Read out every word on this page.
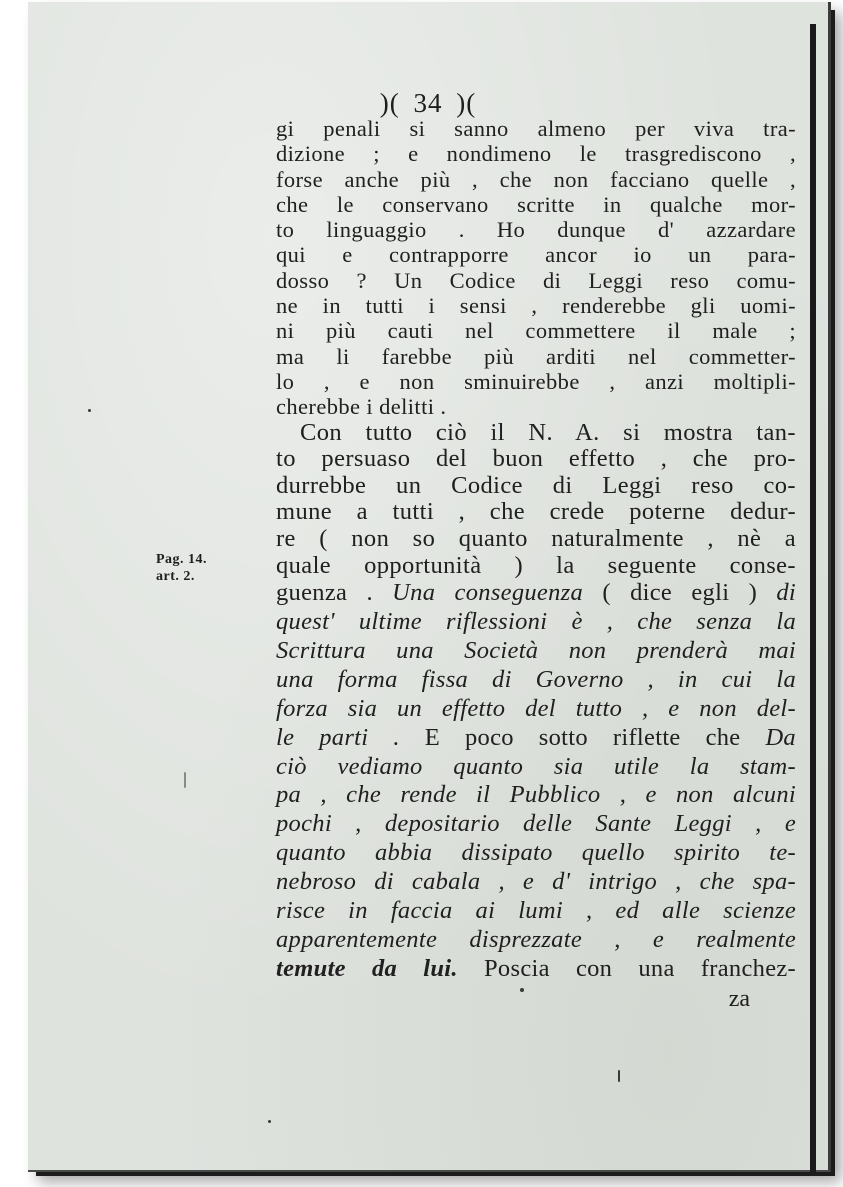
)( 34 )(
Pag. 14.
art. 2.
gi penali si sanno almeno per viva tra-
dizione ; e nondimeno le trasgrediscono ,
forse anche più , che non facciano quelle ,
che le conservano scritte in qualche mor-
to linguaggio . Ho dunque d' azzardare
qui e contrapporre ancor io un para-
dosso ? Un Codice di Leggi reso comu-
ne in tutti i sensi , renderebbe gli uomi-
ni più cauti nel commettere il male ;
ma li farebbe più arditi nel commetter-
lo , e non sminuirebbe , anzi moltipli-
cherebbe i delitti .
Con tutto ciò il N. A. si mostra tan-
to persuaso del buon effetto , che pro-
durrebbe un Codice di Leggi reso co-
mune a tutti , che crede poterne dedur-
re ( non so quanto naturalmente , nè a
quale opportunità ) la seguente conse-
guenza . Una conseguenza ( dice egli ) di
quest' ultime riflessioni è , che senza la
Scrittura una Società non prenderà mai
una forma fissa di Governo , in cui la
forza sia un effetto del tutto , e non del-
le parti . E poco sotto riflette che Da
ciò vediamo quanto sia utile la stam-
pa , che rende il Pubblico , e non alcuni
pochi , depositario delle Sante Leggi , e
quanto abbia dissipato quello spirito te-
nebroso di cabala , e d' intrigo , che spa-
risce in faccia ai lumi , ed alle scienze
apparentemente disprezzate , e realmente
temute da lui. Poscia con una franchez-
za
